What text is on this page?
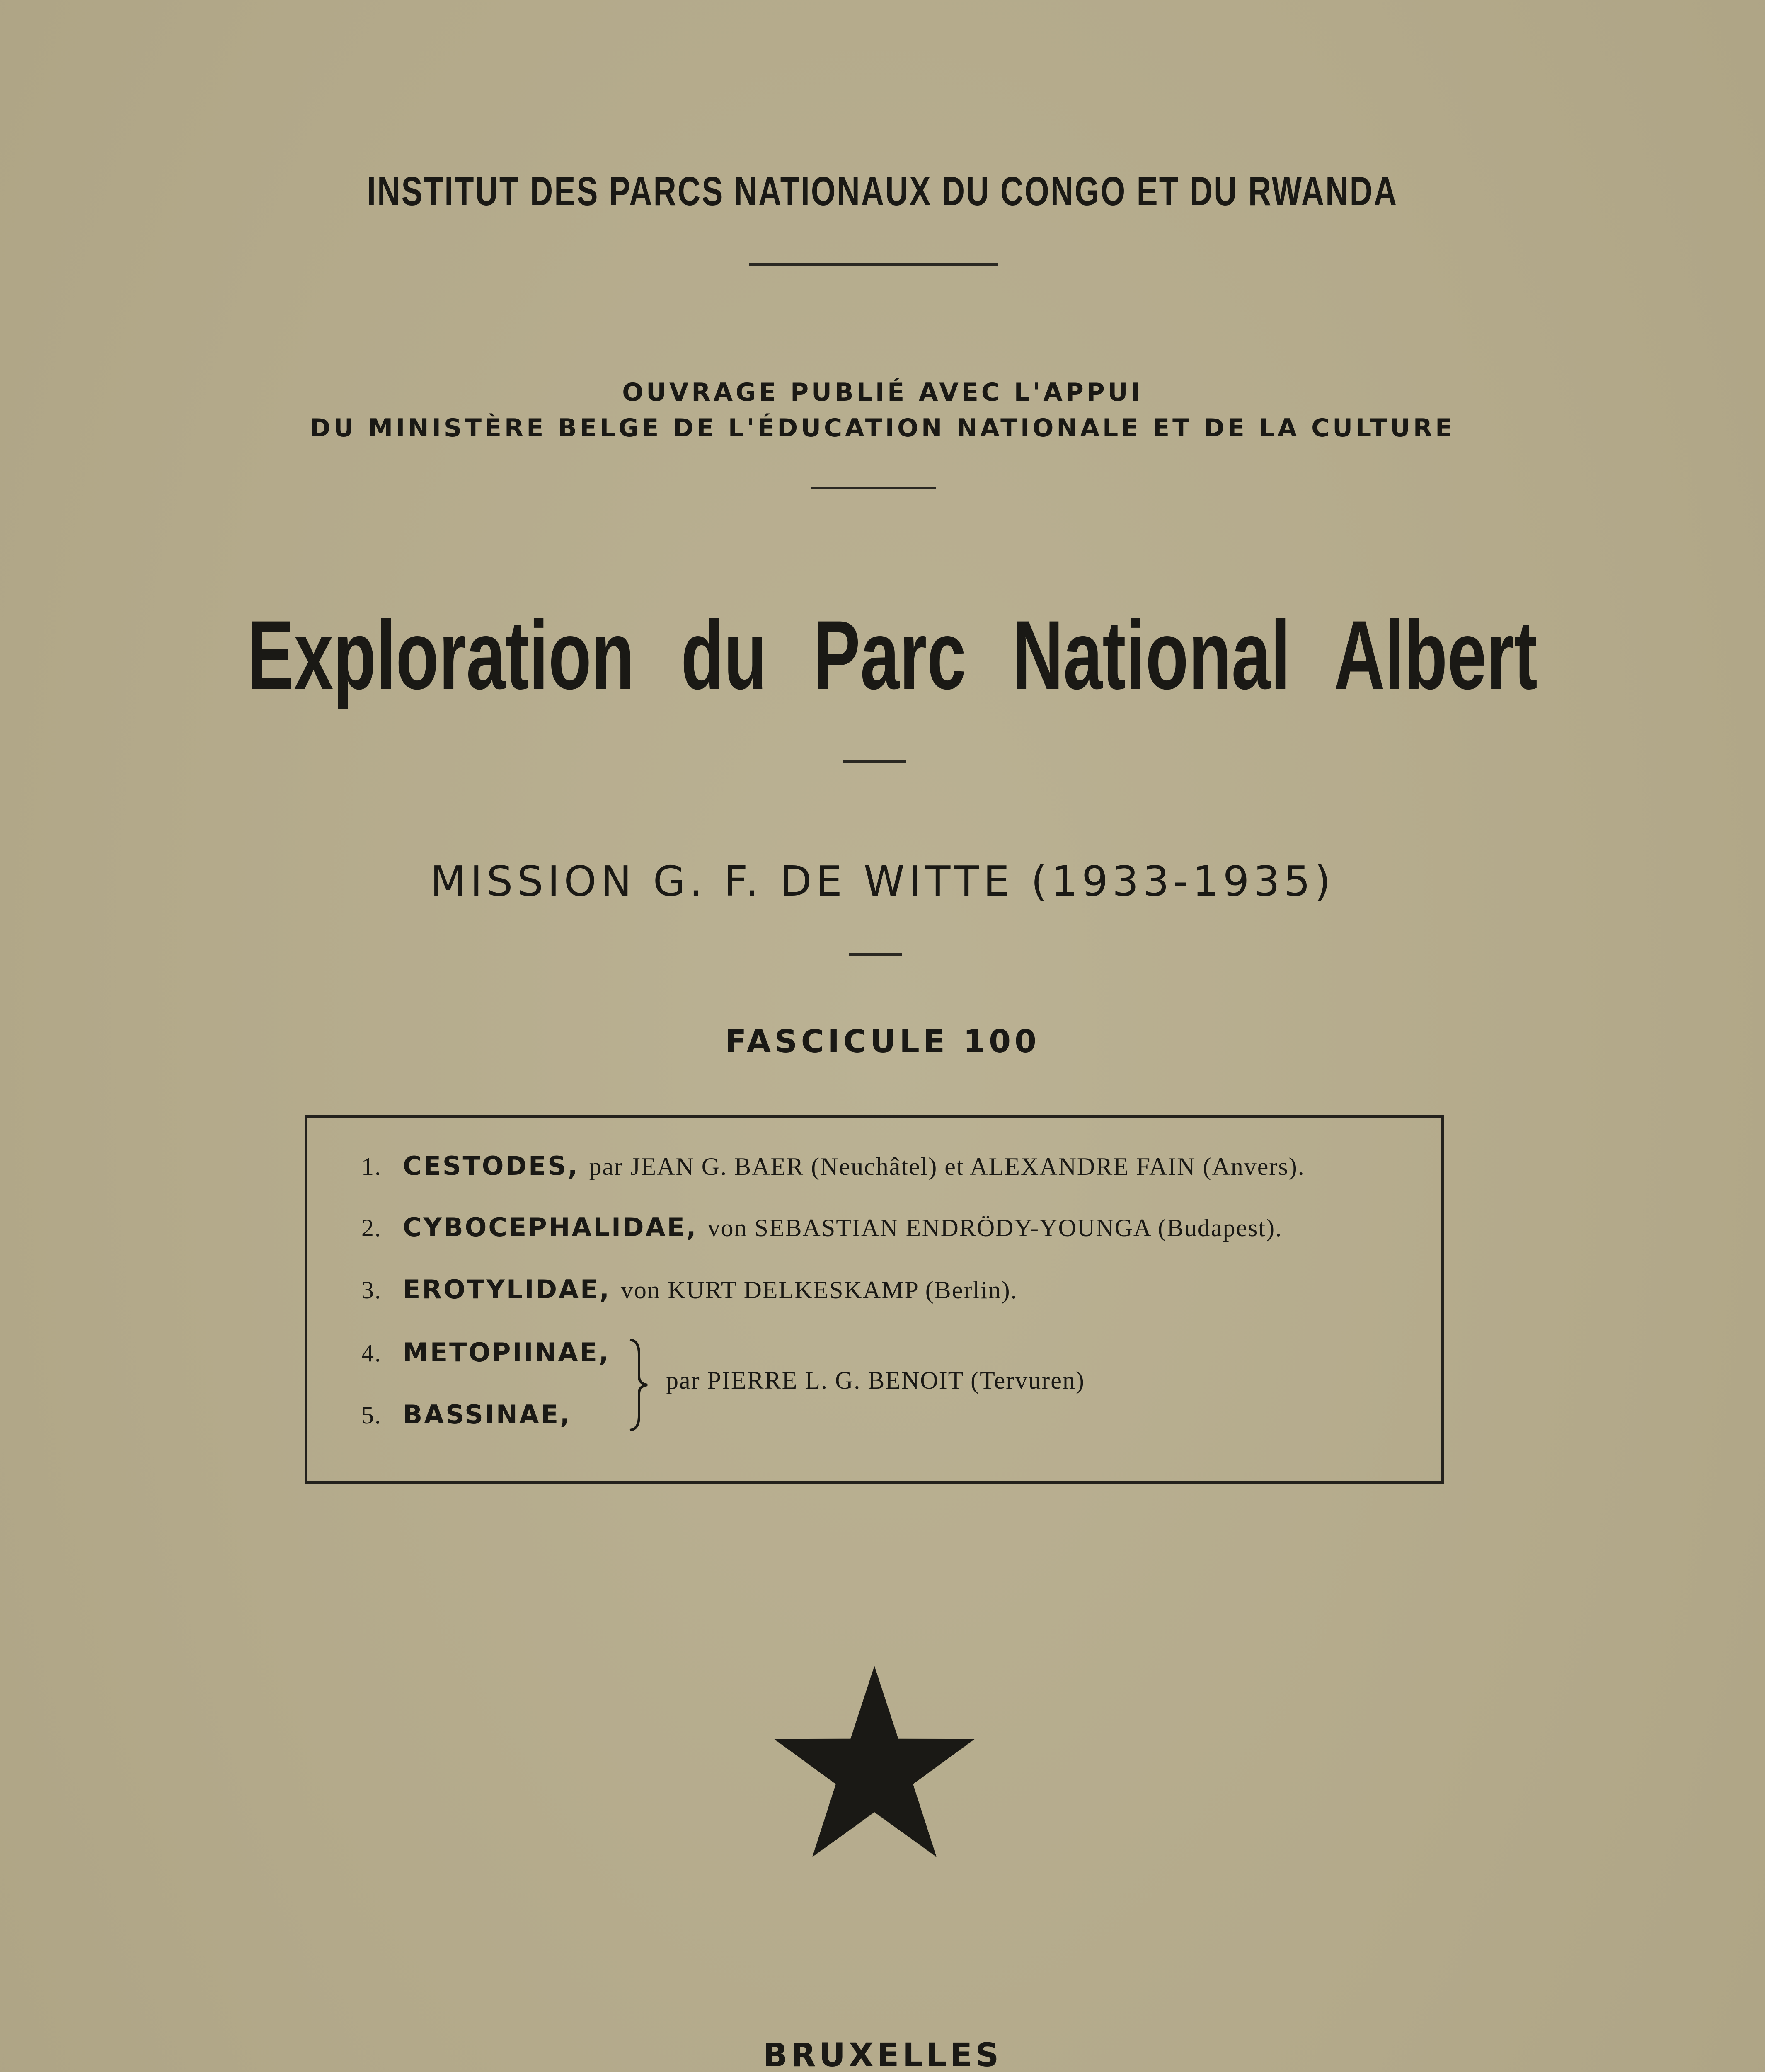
INSTITUT DES PARCS NATIONAUX DU CONGO ET DU RWANDA
OUVRAGE PUBLIÉ AVEC L'APPUI
DU MINISTÈRE BELGE DE L'ÉDUCATION NATIONALE ET DE LA CULTURE
Exploration du Parc National Albert
MISSION G. F. DE WITTE (1933-1935)
FASCICULE 100
1. CESTODES, par JEAN G. BAER (Neuchâtel) et ALEXANDRE FAIN (Anvers).
2. CYBOCEPHALIDAE, von SEBASTIAN ENDRÖDY-YOUNGA (Budapest).
3. EROTYLIDAE, von KURT DELKESKAMP (Berlin).
4. METOPIINAE,
5. BASSINAE,
par PIERRE L. G. BENOIT (Tervuren)
BRUXELLES
